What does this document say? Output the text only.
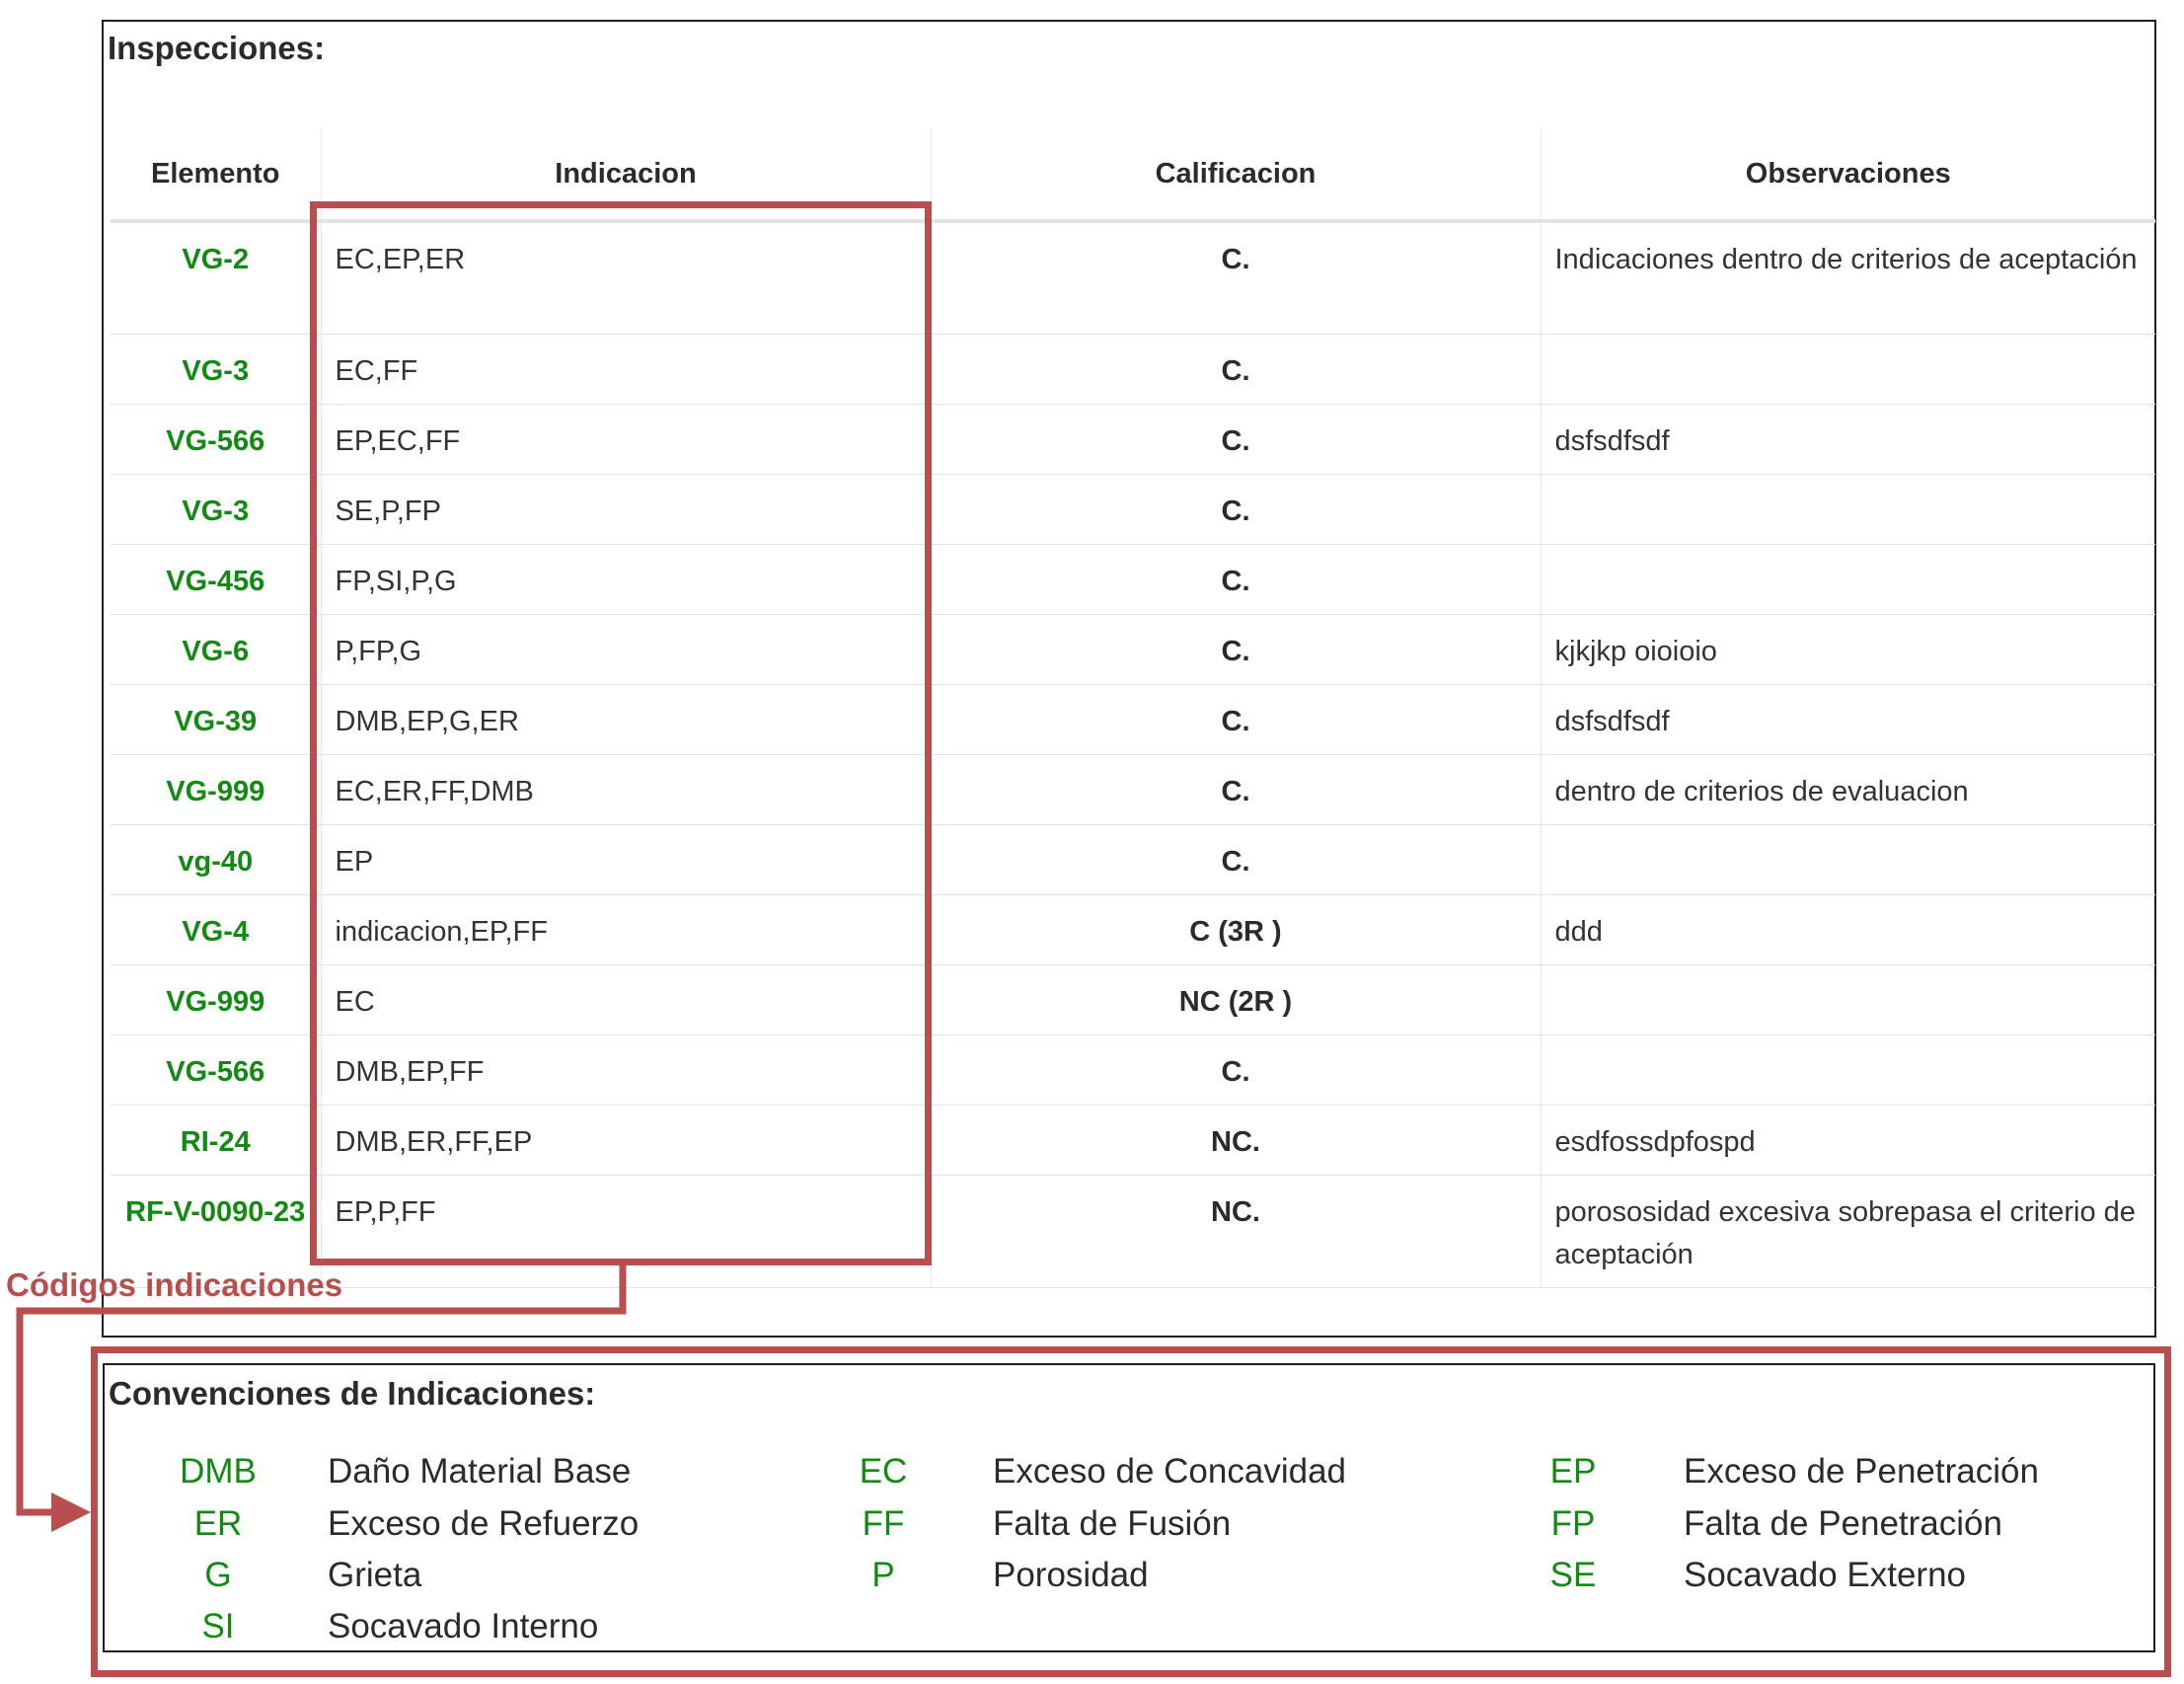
Inspecciones:
Elemento	Indicacion	Calificacion	Observaciones
VG-2	EC,EP,ER	C.	Indicaciones dentro de criterios de aceptación
VG-3	EC,FF	C.	
VG-566	EP,EC,FF	C.	dsfsdfsdf
VG-3	SE,P,FP	C.	
VG-456	FP,SI,P,G	C.	
VG-6	P,FP,G	C.	kjkjkp oioioio
VG-39	DMB,EP,G,ER	C.	dsfsdfsdf
VG-999	EC,ER,FF,DMB	C.	dentro de criterios de evaluacion
vg-40	EP	C.	
VG-4	indicacion,EP,FF	C (3R )	ddd
VG-999	EC	NC (2R )	
VG-566	DMB,EP,FF	C.	
RI-24	DMB,ER,FF,EP	NC.	esdfossdpfospd
RF-V-0090-23	EP,P,FF	NC.	porososidad excesiva sobrepasa el criterio de aceptación
Códigos indicaciones
Convenciones de Indicaciones:
DMB	Daño Material Base	EC	Exceso de Concavidad	EP	Exceso de Penetración
ER	Exceso de Refuerzo	FF	Falta de Fusión	FP	Falta de Penetración
G	Grieta	P	Porosidad	SE	Socavado Externo
SI	Socavado Interno
